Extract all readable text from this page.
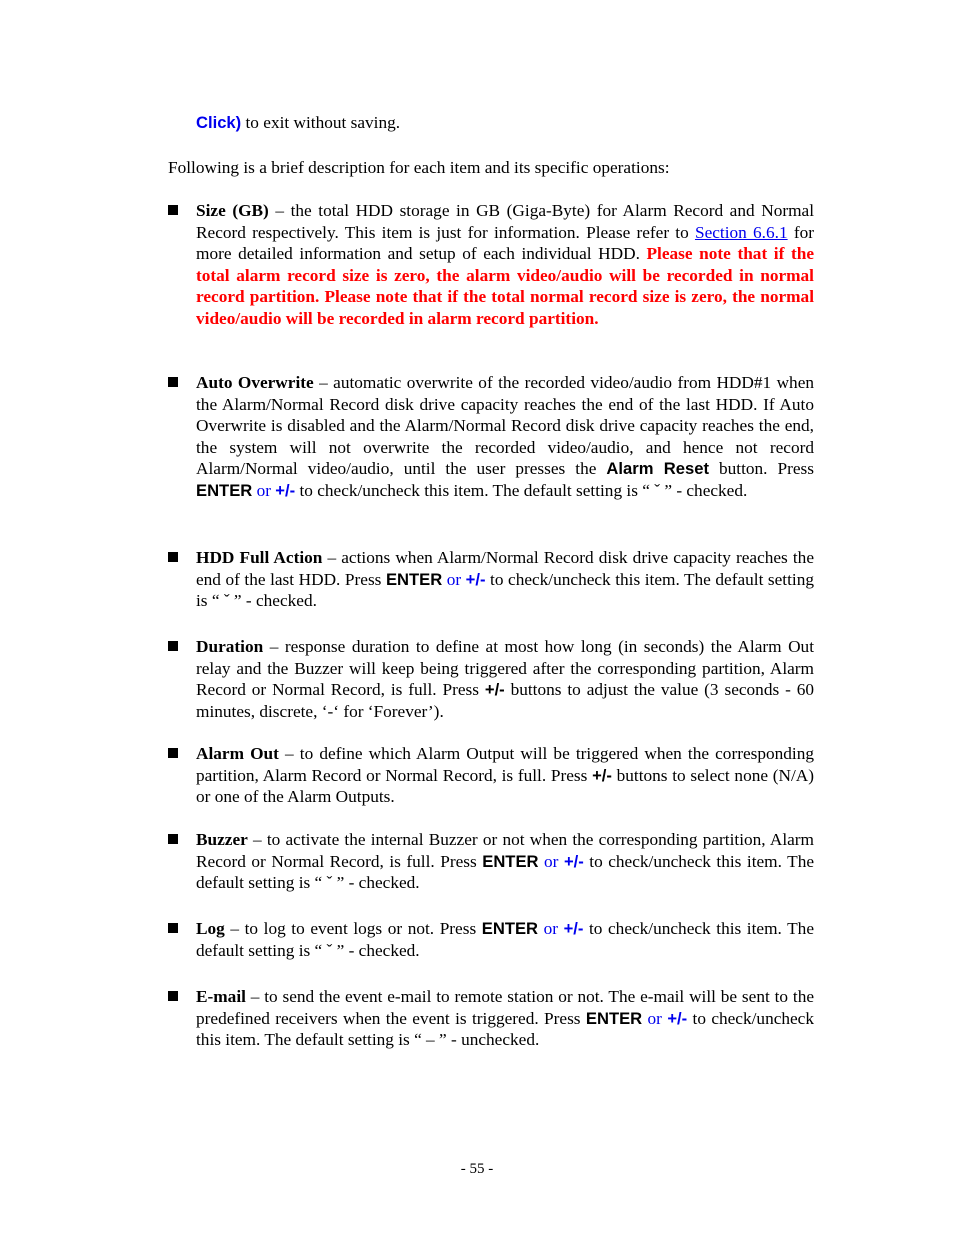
Click) to exit without saving.
Following is a brief description for each item and its specific operations:
Size (GB) – the total HDD storage in GB (Giga-Byte) for Alarm Record and Normal Record respectively. This item is just for information. Please refer to Section 6.6.1 for more detailed information and setup of each individual HDD. Please note that if the total alarm record size is zero, the alarm video/audio will be recorded in normal record partition. Please note that if the total normal record size is zero, the normal video/audio will be recorded in alarm record partition.
Auto Overwrite – automatic overwrite of the recorded video/audio from HDD#1 when the Alarm/Normal Record disk drive capacity reaches the end of the last HDD. If Auto Overwrite is disabled and the Alarm/Normal Record disk drive capacity reaches the end, the system will not overwrite the recorded video/audio, and hence not record Alarm/Normal video/audio, until the user presses the Alarm Reset button. Press ENTER or +/- to check/uncheck this item. The default setting is “ ˇ ” - checked.
HDD Full Action – actions when Alarm/Normal Record disk drive capacity reaches the end of the last HDD. Press ENTER or +/- to check/uncheck this item. The default setting is “ ˇ ” - checked.
Duration – response duration to define at most how long (in seconds) the Alarm Out relay and the Buzzer will keep being triggered after the corresponding partition, Alarm Record or Normal Record, is full. Press +/- buttons to adjust the value (3 seconds - 60 minutes, discrete, ‘-‘ for ‘Forever’).
Alarm Out – to define which Alarm Output will be triggered when the corresponding partition, Alarm Record or Normal Record, is full. Press +/- buttons to select none (N/A) or one of the Alarm Outputs.
Buzzer – to activate the internal Buzzer or not when the corresponding partition, Alarm Record or Normal Record, is full. Press ENTER or +/- to check/uncheck this item. The default setting is “ ˇ ” - checked.
Log – to log to event logs or not. Press ENTER or +/- to check/uncheck this item. The default setting is “ ˇ ” - checked.
E-mail – to send the event e-mail to remote station or not. The e-mail will be sent to the predefined receivers when the event is triggered. Press ENTER or +/- to check/uncheck this item. The default setting is “ – ” - unchecked.
- 55 -
